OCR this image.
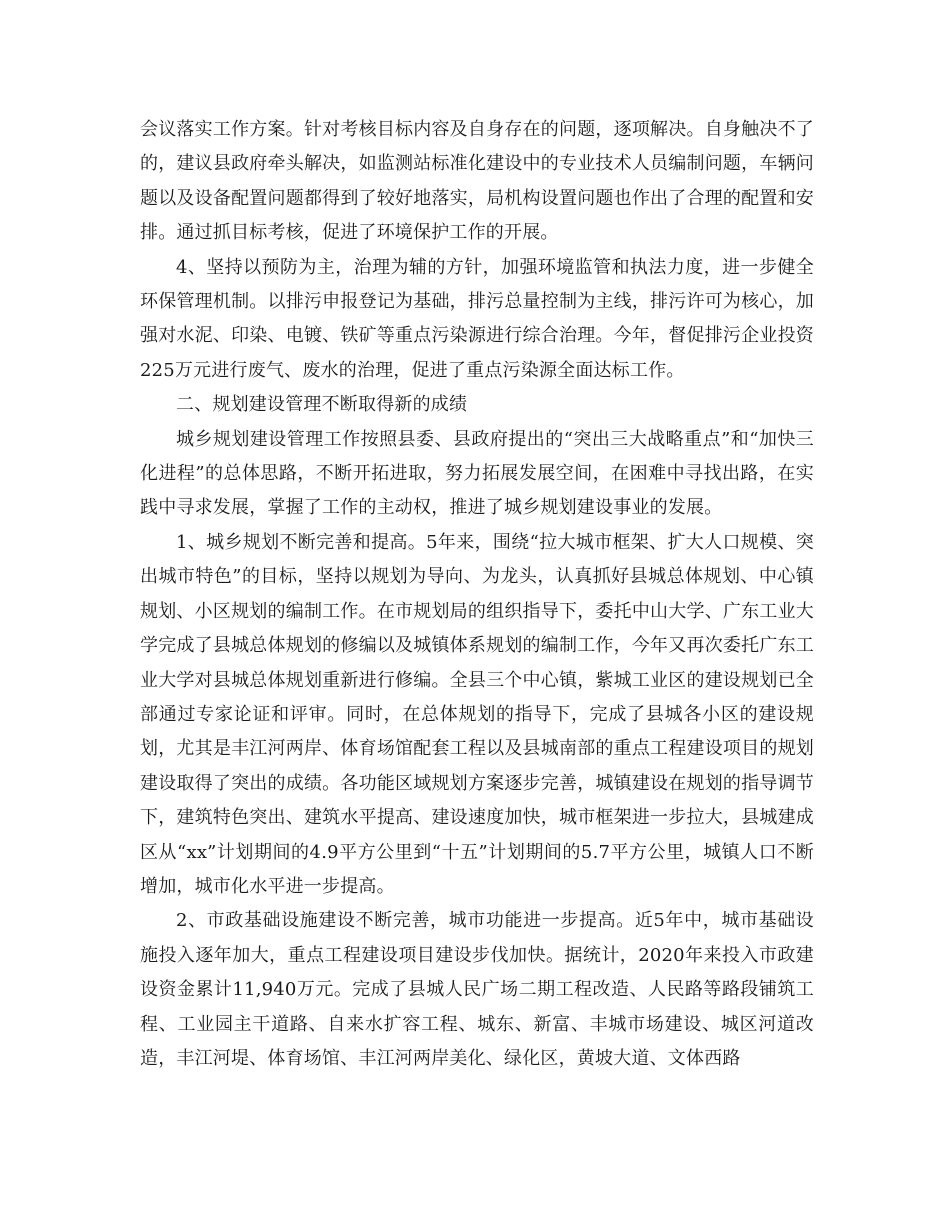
会议落实工作方案。针对考核目标内容及自身存在的问题，逐项解决。自身触决不了的，建议县政府牵头解决，如监测站标准化建设中的专业技术人员编制问题，车辆问题以及设备配置问题都得到了较好地落实，局机构设置问题也作出了合理的配置和安排。通过抓目标考核，促进了环境保护工作的开展。

4、坚持以预防为主，治理为辅的方针，加强环境监管和执法力度，进一步健全环保管理机制。以排污申报登记为基础，排污总量控制为主线，排污许可为核心，加强对水泥、印染、电镀、铁矿等重点污染源进行综合治理。今年，督促排污企业投资225万元进行废气、废水的治理，促进了重点污染源全面达标工作。

二、规划建设管理不断取得新的成绩

城乡规划建设管理工作按照县委、县政府提出的“突出三大战略重点”和“加快三化进程”的总体思路，不断开拓进取，努力拓展发展空间，在困难中寻找出路，在实践中寻求发展，掌握了工作的主动权，推进了城乡规划建设事业的发展。

1、城乡规划不断完善和提高。5年来，围绕“拉大城市框架、扩大人口规模、突出城市特色”的目标，坚持以规划为导向、为龙头，认真抓好县城总体规划、中心镇规划、小区规划的编制工作。在市规划局的组织指导下，委托中山大学、广东工业大学完成了县城总体规划的修编以及城镇体系规划的编制工作，今年又再次委托广东工业大学对县城总体规划重新进行修编。全县三个中心镇，紫城工业区的建设规划已全部通过专家论证和评审。同时，在总体规划的指导下，完成了县城各小区的建设规划，尤其是丰江河两岸、体育场馆配套工程以及县城南部的重点工程建设项目的规划建设取得了突出的成绩。各功能区域规划方案逐步完善，城镇建设在规划的指导调节下，建筑特色突出、建筑水平提高、建设速度加快，城市框架进一步拉大，县城建成区从“xx”计划期间的4.9平方公里到“十五”计划期间的5.7平方公里，城镇人口不断增加，城市化水平进一步提高。

2、市政基础设施建设不断完善，城市功能进一步提高。近5年中，城市基础设施投入逐年加大，重点工程建设项目建设步伐加快。据统计，2020年来投入市政建设资金累计11,940万元。完成了县城人民广场二期工程改造、人民路等路段铺筑工程、工业园主干道路、自来水扩容工程、城东、新富、丰城市场建设、城区河道改造，丰江河堤、体育场馆、丰江河两岸美化、绿化区，黄坡大道、文体西路
